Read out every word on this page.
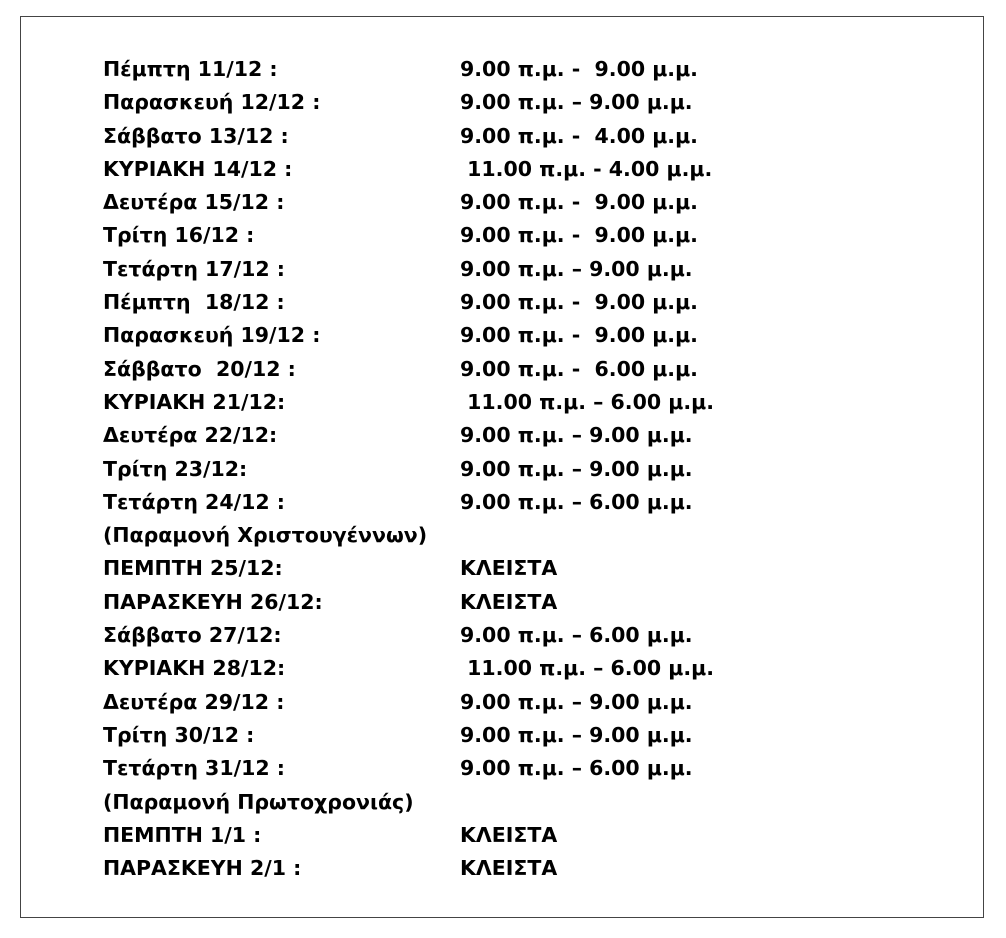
Πέμπτη 11/12 :	9.00 π.μ. -  9.00 μ.μ.
Παρασκευή 12/12 :	9.00 π.μ. – 9.00 μ.μ.
Σάββατο 13/12 :	9.00 π.μ. -  4.00 μ.μ.
ΚΥΡΙΑΚΗ 14/12 :	11.00 π.μ. - 4.00 μ.μ.
Δευτέρα 15/12 :	9.00 π.μ. -  9.00 μ.μ.
Τρίτη 16/12 :	9.00 π.μ. -  9.00 μ.μ.
Τετάρτη 17/12 :	9.00 π.μ. – 9.00 μ.μ.
Πέμπτη  18/12 :	9.00 π.μ. -  9.00 μ.μ.
Παρασκευή 19/12 :	9.00 π.μ. -  9.00 μ.μ.
Σάββατο  20/12 :	9.00 π.μ. -  6.00 μ.μ.
ΚΥΡΙΑΚΗ 21/12:	11.00 π.μ. – 6.00 μ.μ.
Δευτέρα 22/12:	9.00 π.μ. – 9.00 μ.μ.
Τρίτη 23/12:	9.00 π.μ. – 9.00 μ.μ.
Τετάρτη 24/12 :	9.00 π.μ. – 6.00 μ.μ.
(Παραμονή Χριστουγέννων)
ΠΕΜΠΤΗ 25/12:	ΚΛΕΙΣΤΑ
ΠΑΡΑΣΚΕΥΗ 26/12:	ΚΛΕΙΣΤΑ
Σάββατο 27/12:	9.00 π.μ. – 6.00 μ.μ.
ΚΥΡΙΑΚΗ 28/12:	11.00 π.μ. – 6.00 μ.μ.
Δευτέρα 29/12 :	9.00 π.μ. – 9.00 μ.μ.
Τρίτη 30/12 :	9.00 π.μ. – 9.00 μ.μ.
Τετάρτη 31/12 :	9.00 π.μ. – 6.00 μ.μ.
(Παραμονή Πρωτοχρονιάς)
ΠΕΜΠΤΗ 1/1 :	ΚΛΕΙΣΤΑ
ΠΑΡΑΣΚΕΥΗ 2/1 :	ΚΛΕΙΣΤΑ
